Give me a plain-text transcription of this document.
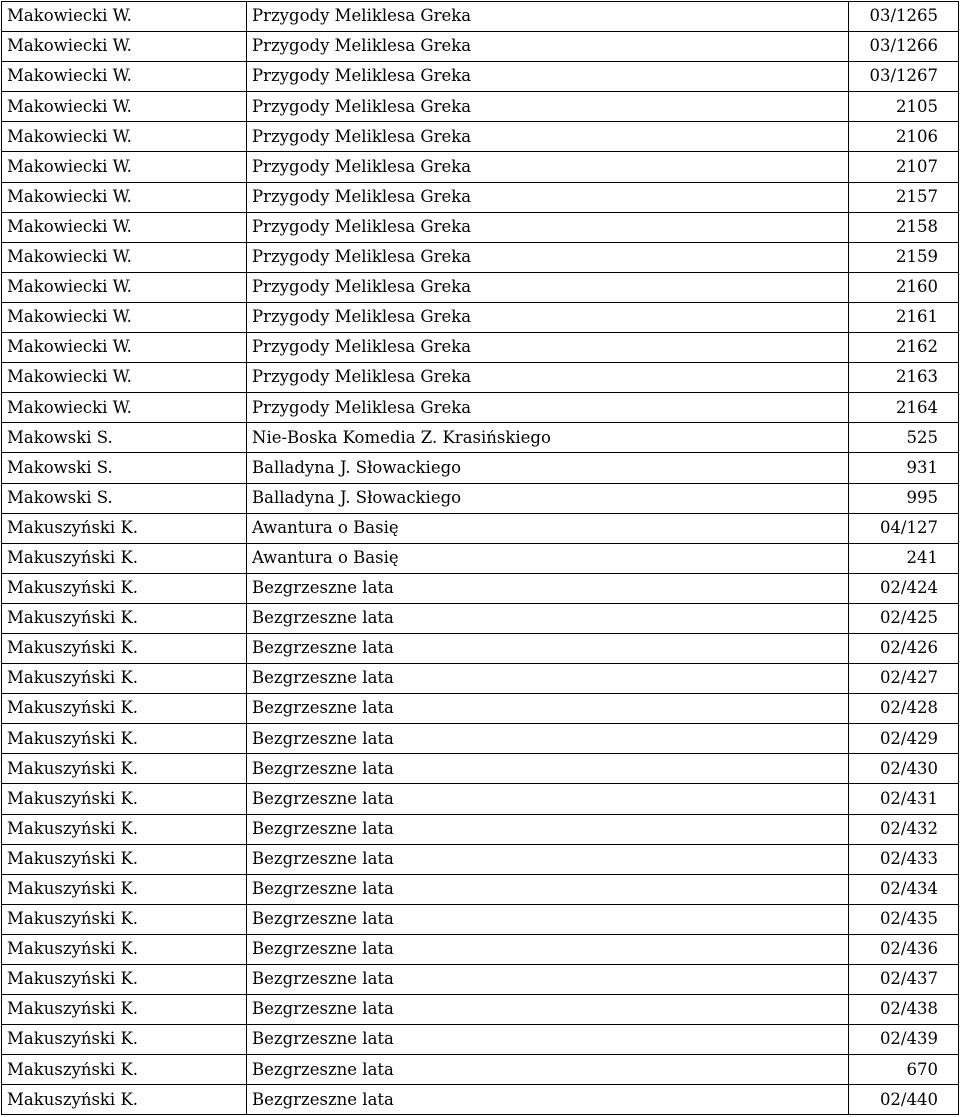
Makowiecki W.	Przygody Meliklesa Greka	03/1265
Makowiecki W.	Przygody Meliklesa Greka	03/1266
Makowiecki W.	Przygody Meliklesa Greka	03/1267
Makowiecki W.	Przygody Meliklesa Greka	2105
Makowiecki W.	Przygody Meliklesa Greka	2106
Makowiecki W.	Przygody Meliklesa Greka	2107
Makowiecki W.	Przygody Meliklesa Greka	2157
Makowiecki W.	Przygody Meliklesa Greka	2158
Makowiecki W.	Przygody Meliklesa Greka	2159
Makowiecki W.	Przygody Meliklesa Greka	2160
Makowiecki W.	Przygody Meliklesa Greka	2161
Makowiecki W.	Przygody Meliklesa Greka	2162
Makowiecki W.	Przygody Meliklesa Greka	2163
Makowiecki W.	Przygody Meliklesa Greka	2164
Makowski S.	Nie-Boska Komedia Z. Krasińskiego	525
Makowski S.	Balladyna J. Słowackiego	931
Makowski S.	Balladyna J. Słowackiego	995
Makuszyński K.	Awantura o Basię	04/127
Makuszyński K.	Awantura o Basię	241
Makuszyński K.	Bezgrzeszne lata	02/424
Makuszyński K.	Bezgrzeszne lata	02/425
Makuszyński K.	Bezgrzeszne lata	02/426
Makuszyński K.	Bezgrzeszne lata	02/427
Makuszyński K.	Bezgrzeszne lata	02/428
Makuszyński K.	Bezgrzeszne lata	02/429
Makuszyński K.	Bezgrzeszne lata	02/430
Makuszyński K.	Bezgrzeszne lata	02/431
Makuszyński K.	Bezgrzeszne lata	02/432
Makuszyński K.	Bezgrzeszne lata	02/433
Makuszyński K.	Bezgrzeszne lata	02/434
Makuszyński K.	Bezgrzeszne lata	02/435
Makuszyński K.	Bezgrzeszne lata	02/436
Makuszyński K.	Bezgrzeszne lata	02/437
Makuszyński K.	Bezgrzeszne lata	02/438
Makuszyński K.	Bezgrzeszne lata	02/439
Makuszyński K.	Bezgrzeszne lata	670
Makuszyński K.	Bezgrzeszne lata	02/440
